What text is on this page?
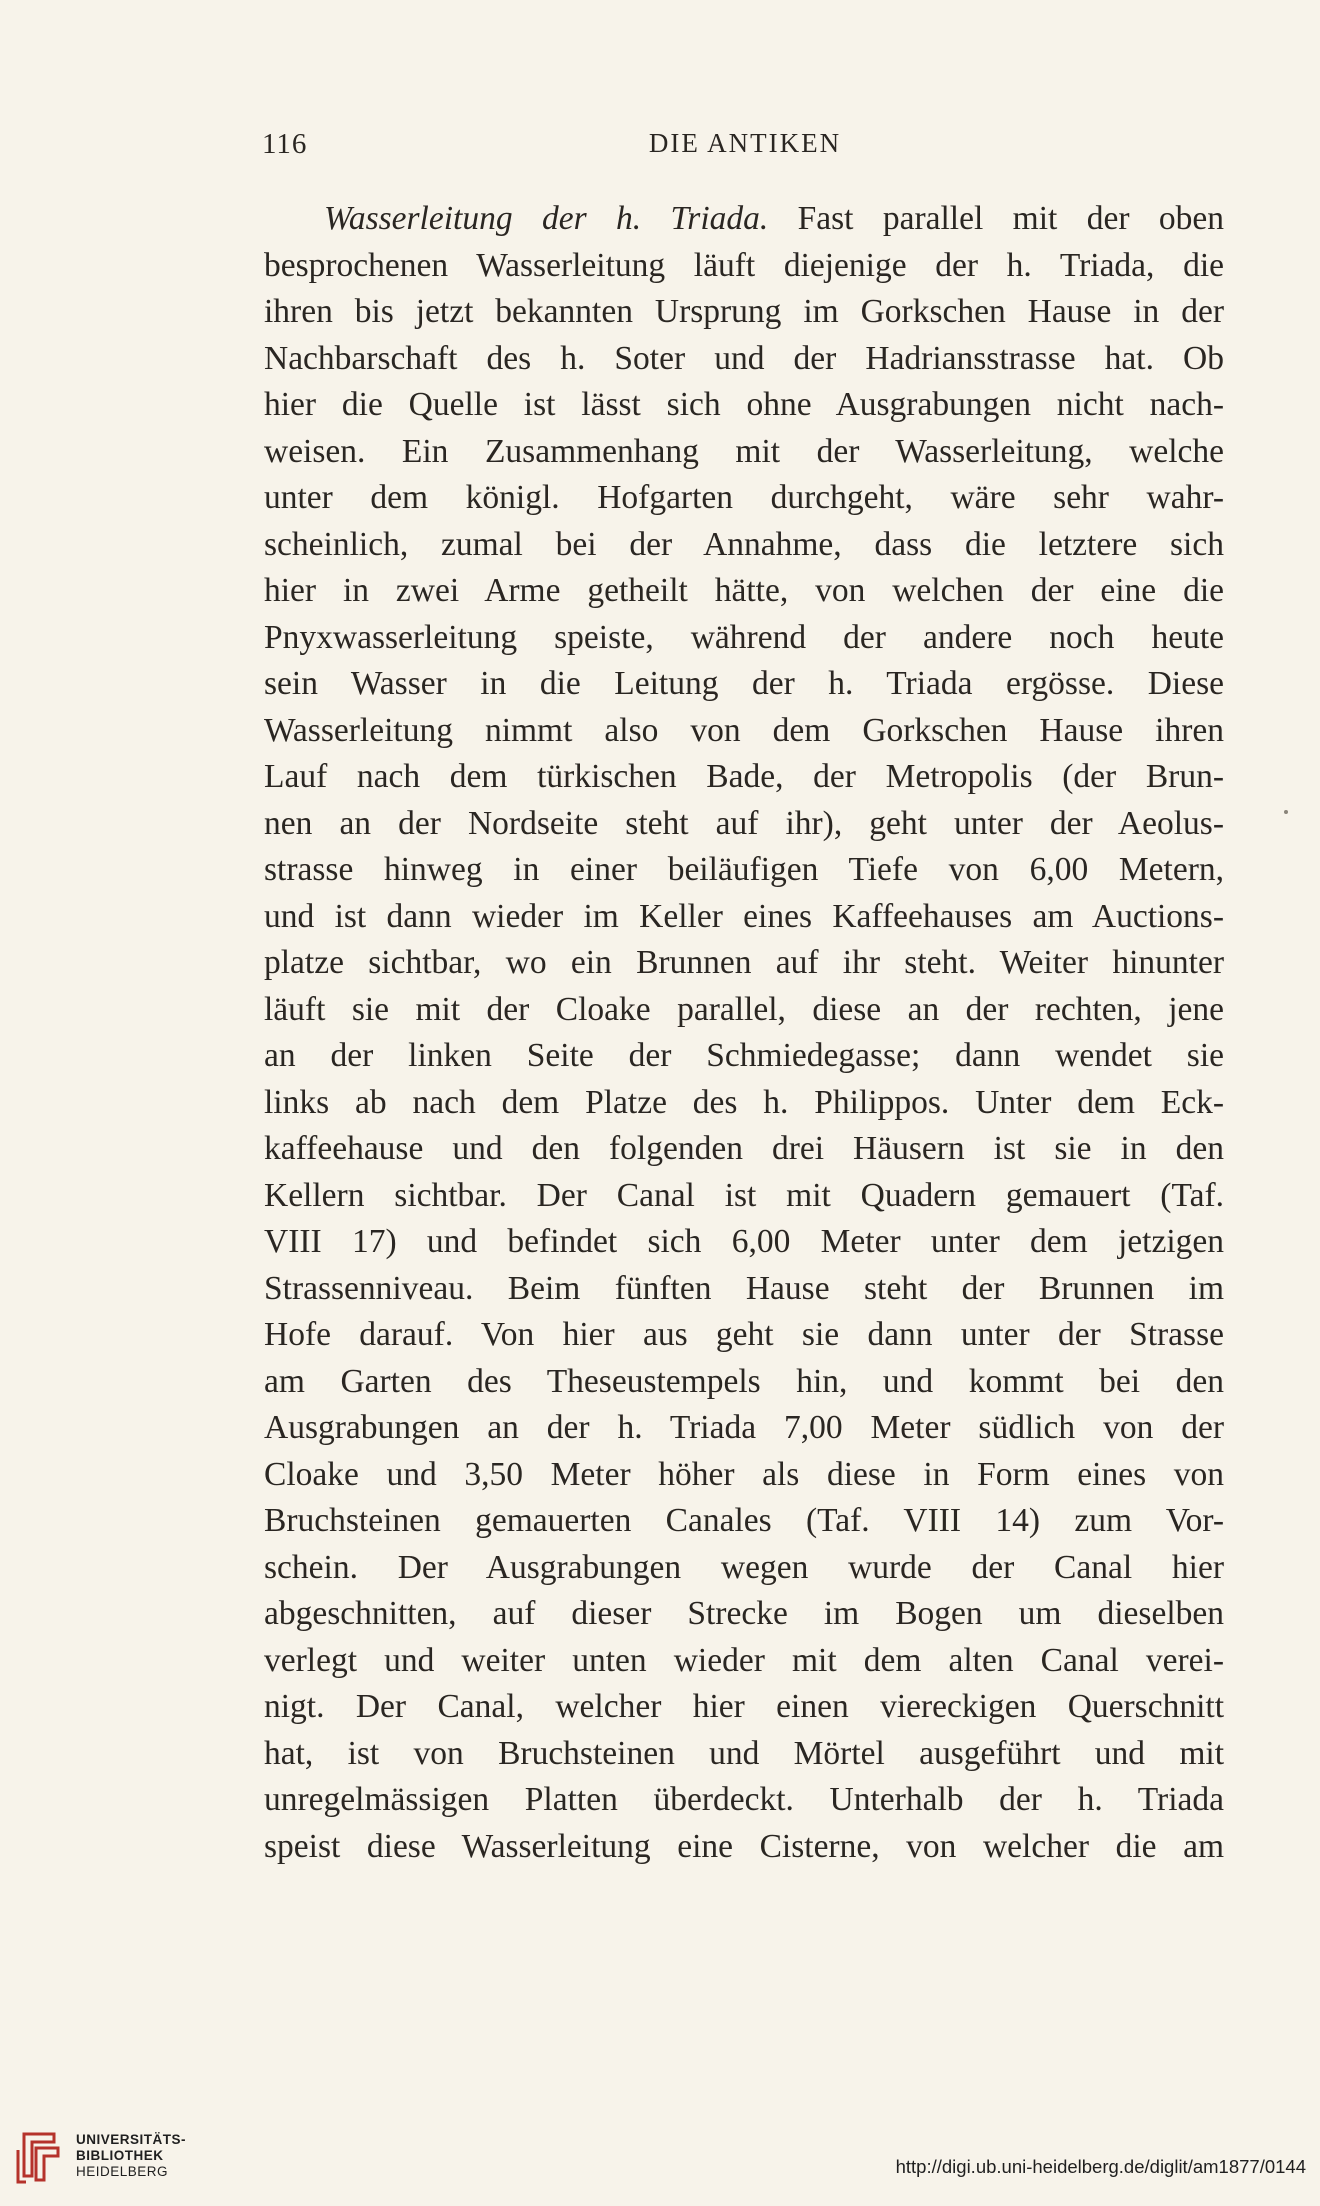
116	DIE ANTIKEN
Wasserleitung der h. Triada. Fast parallel mit der oben
besprochenen Wasserleitung läuft diejenige der h. Triada, die
ihren bis jetzt bekannten Ursprung im Gorkschen Hause in der
Nachbarschaft des h. Soter und der Hadriansstrasse hat. Ob
hier die Quelle ist lässt sich ohne Ausgrabungen nicht nach-
weisen. Ein Zusammenhang mit der Wasserleitung, welche
unter dem königl. Hofgarten durchgeht, wäre sehr wahr-
scheinlich, zumal bei der Annahme, dass die letztere sich
hier in zwei Arme getheilt hätte, von welchen der eine die
Pnyxwasserleitung speiste, während der andere noch heute
sein Wasser in die Leitung der h. Triada ergösse. Diese
Wasserleitung nimmt also von dem Gorkschen Hause ihren
Lauf nach dem türkischen Bade, der Metropolis (der Brun-
nen an der Nordseite steht auf ihr), geht unter der Aeolus-
strasse hinweg in einer beiläufigen Tiefe von 6,00 Metern,
und ist dann wieder im Keller eines Kaffeehauses am Auctions-
platze sichtbar, wo ein Brunnen auf ihr steht. Weiter hinunter
läuft sie mit der Cloake parallel, diese an der rechten, jene
an der linken Seite der Schmiedegasse; dann wendet sie
links ab nach dem Platze des h. Philippos. Unter dem Eck-
kaffeehause und den folgenden drei Häusern ist sie in den
Kellern sichtbar. Der Canal ist mit Quadern gemauert (Taf.
VIII 17) und befindet sich 6,00 Meter unter dem jetzigen
Strassenniveau. Beim fünften Hause steht der Brunnen im
Hofe darauf. Von hier aus geht sie dann unter der Strasse
am Garten des Theseustempels hin, und kommt bei den
Ausgrabungen an der h. Triada 7,00 Meter südlich von der
Cloake und 3,50 Meter höher als diese in Form eines von
Bruchsteinen gemauerten Canales (Taf. VIII 14) zum Vor-
schein. Der Ausgrabungen wegen wurde der Canal hier
abgeschnitten, auf dieser Strecke im Bogen um dieselben
verlegt und weiter unten wieder mit dem alten Canal verei-
nigt. Der Canal, welcher hier einen viereckigen Querschnitt
hat, ist von Bruchsteinen und Mörtel ausgeführt und mit
unregelmässigen Platten überdeckt. Unterhalb der h. Triada
speist diese Wasserleitung eine Cisterne, von welcher die am
UNIVERSITÄTS-
BIBLIOTHEK
HEIDELBERG	http://digi.ub.uni-heidelberg.de/diglit/am1877/0144
